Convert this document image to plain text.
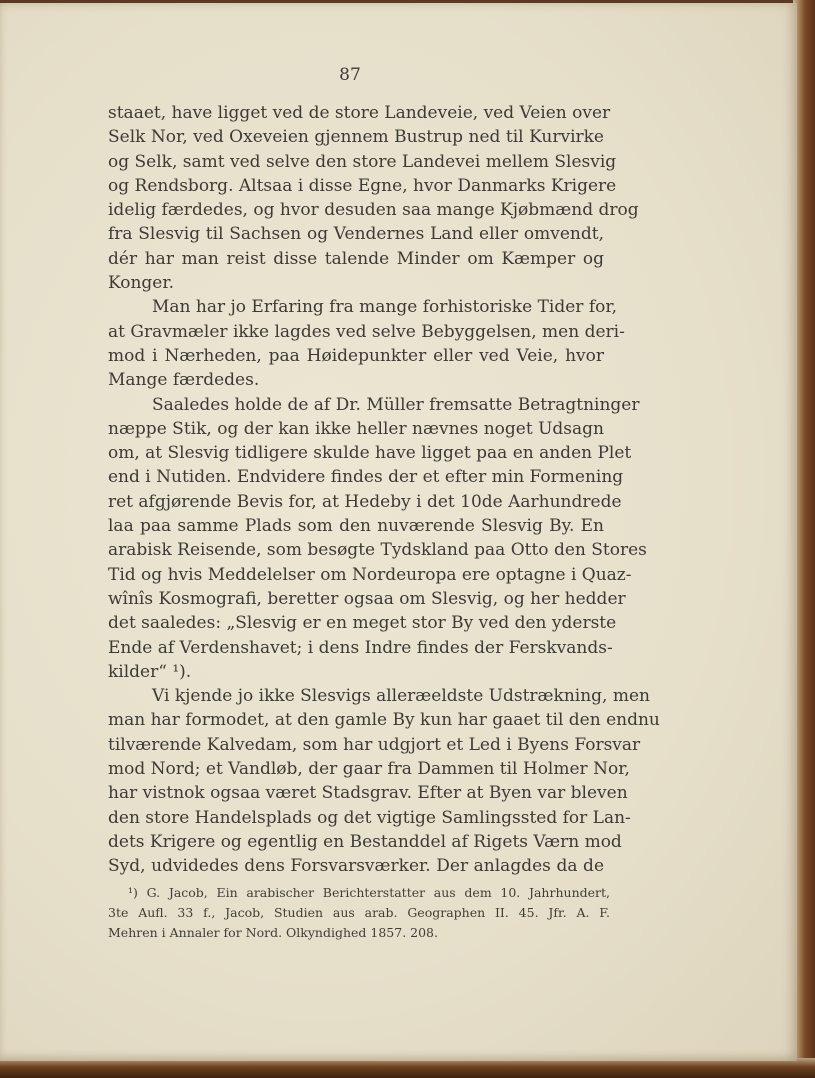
87
staaet, have ligget ved de store Landeveie, ved Veien over
Selk Nor, ved Oxeveien gjennem Bustrup ned til Kurvirke
og Selk, samt ved selve den store Landevei mellem Slesvig
og Rendsborg. Altsaa i disse Egne, hvor Danmarks Krigere
idelig færdedes, og hvor desuden saa mange Kjøbmænd drog
fra Slesvig til Sachsen og Vendernes Land eller omvendt,
dér har man reist disse talende Minder om Kæmper og
Konger.
Man har jo Erfaring fra mange forhistoriske Tider for,
at Gravmæler ikke lagdes ved selve Bebyggelsen, men deri-
mod i Nærheden, paa Høidepunkter eller ved Veie, hvor
Mange færdedes.
Saaledes holde de af Dr. Müller fremsatte Betragtninger
næppe Stik, og der kan ikke heller nævnes noget Udsagn
om, at Slesvig tidligere skulde have ligget paa en anden Plet
end i Nutiden. Endvidere findes der et efter min Formening
ret afgjørende Bevis for, at Hedeby i det 10de Aarhundrede
laa paa samme Plads som den nuværende Slesvig By. En
arabisk Reisende, som besøgte Tydskland paa Otto den Stores
Tid og hvis Meddelelser om Nordeuropa ere optagne i Quaz-
wînîs Kosmografi, beretter ogsaa om Slesvig, og her hedder
det saaledes: „Slesvig er en meget stor By ved den yderste
Ende af Verdenshavet; i dens Indre findes der Ferskvands-
kilder“ ¹).
Vi kjende jo ikke Slesvigs alleræeldste Udstrækning, men
man har formodet, at den gamle By kun har gaaet til den endnu
tilværende Kalvedam, som har udgjort et Led i Byens Forsvar
mod Nord; et Vandløb, der gaar fra Dammen til Holmer Nor,
har vistnok ogsaa været Stadsgrav. Efter at Byen var bleven
den store Handelsplads og det vigtige Samlingssted for Lan-
dets Krigere og egentlig en Bestanddel af Rigets Værn mod
Syd, udvidedes dens Forsvarsværker. Der anlagdes da de
¹) G. Jacob, Ein arabischer Berichterstatter aus dem 10. Jahrhundert,
3te Aufl. 33 f., Jacob, Studien aus arab. Geographen II. 45. Jfr. A. F.
Mehren i Annaler for Nord. Olkyndighed 1857. 208.
